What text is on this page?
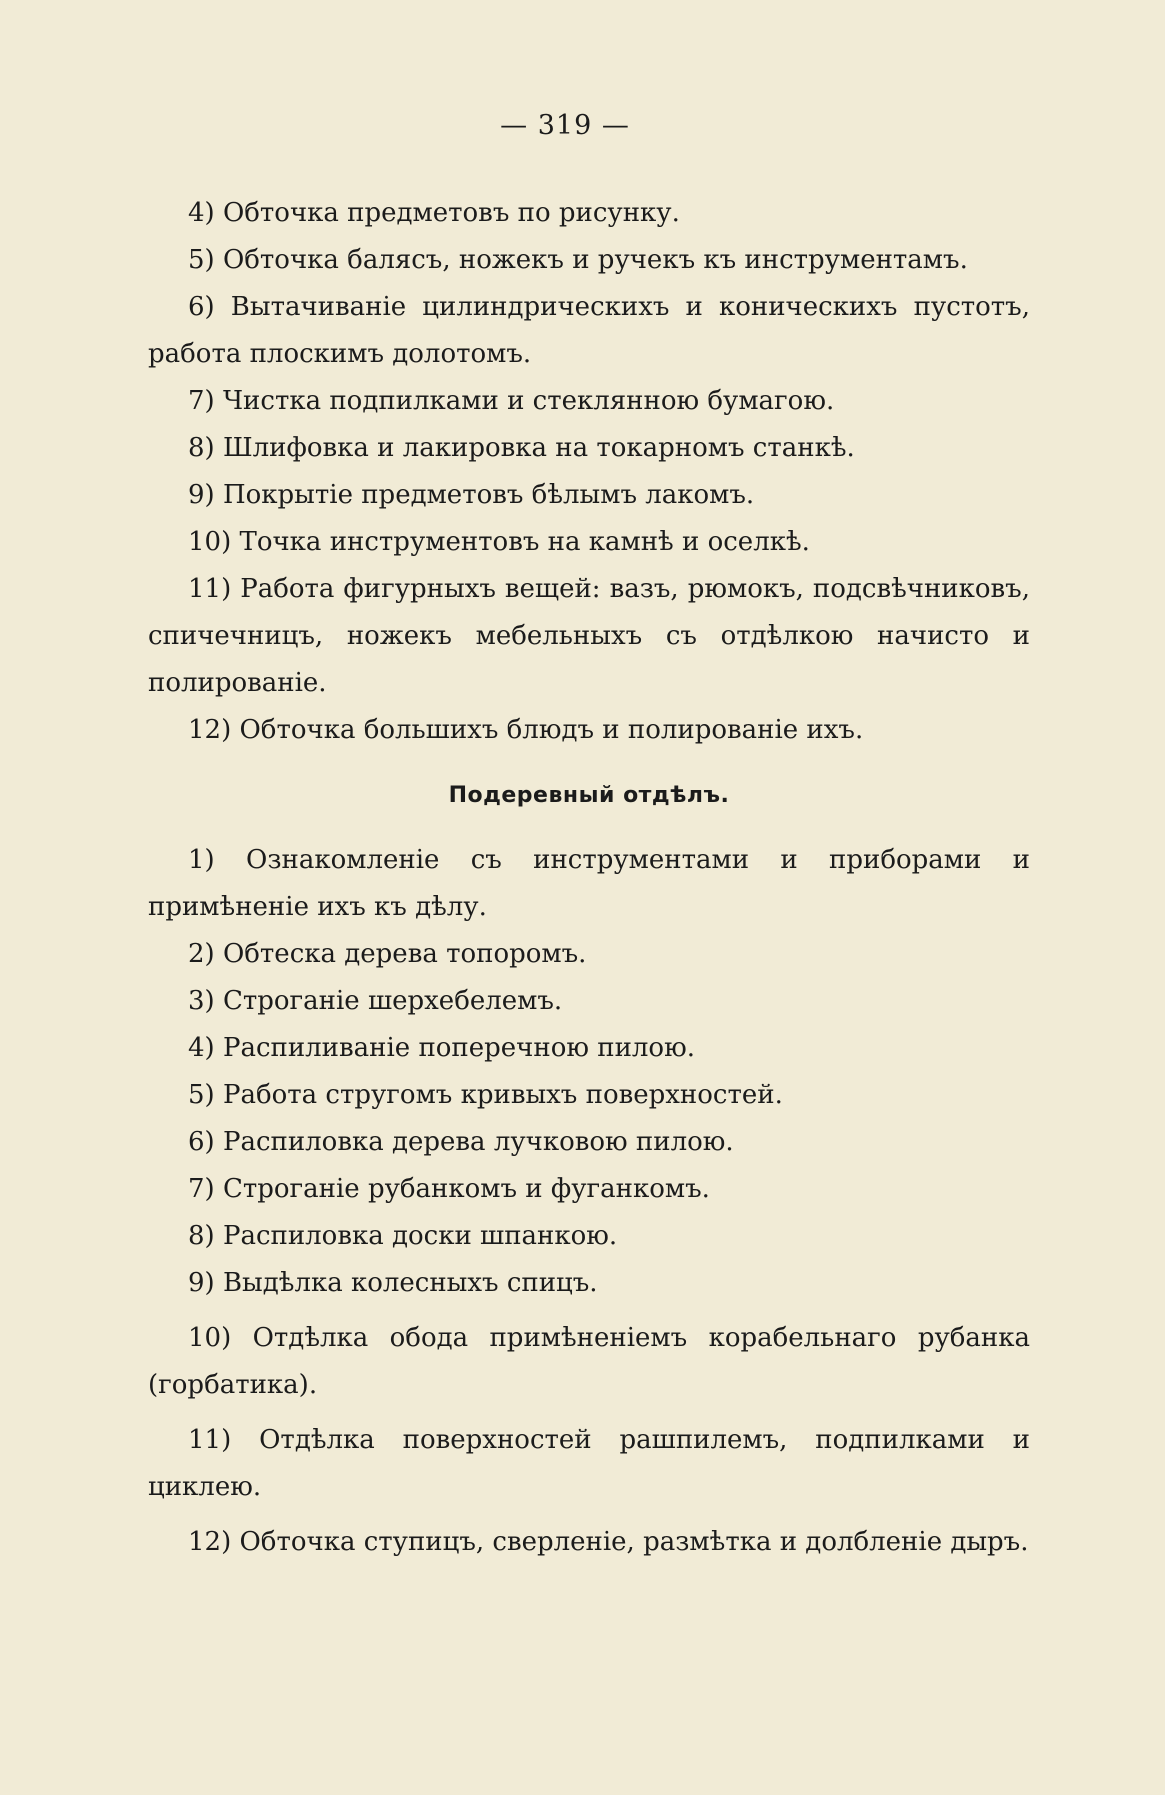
— 319 —

4) Обточка предметовъ по рисунку.

5) Обточка балясъ, ножекъ и ручекъ къ инструментамъ.

6) Вытачиваніе цилиндрическихъ и коническихъ пустотъ, работа плоскимъ долотомъ.

7) Чистка подпилками и стеклянною бумагою.

8) Шлифовка и лакировка на токарномъ станкѣ.

9) Покрытіе предметовъ бѣлымъ лакомъ.

10) Точка инструментовъ на камнѣ и оселкѣ.

11) Работа фигурныхъ вещей: вазъ, рюмокъ, подсвѣчниковъ, спичечницъ, ножекъ мебельныхъ съ отдѣлкою начисто и полированіе.

12) Обточка большихъ блюдъ и полированіе ихъ.

Подеревный отдѣлъ.

1) Ознакомленіе съ инструментами и приборами и примѣненіе ихъ къ дѣлу.

2) Обтеска дерева топоромъ.

3) Строганіе шерхебелемъ.

4) Распиливаніе поперечною пилою.

5) Работа стругомъ кривыхъ поверхностей.

6) Распиловка дерева лучковою пилою.

7) Строганіе рубанкомъ и фуганкомъ.

8) Распиловка доски шпанкою.

9) Выдѣлка колесныхъ спицъ.

10) Отдѣлка обода примѣненіемъ корабельнаго рубанка (горбатика).

11) Отдѣлка поверхностей рашпилемъ, подпилками и циклею.

12) Обточка ступицъ, сверленіе, размѣтка и долбленіе дыръ.
